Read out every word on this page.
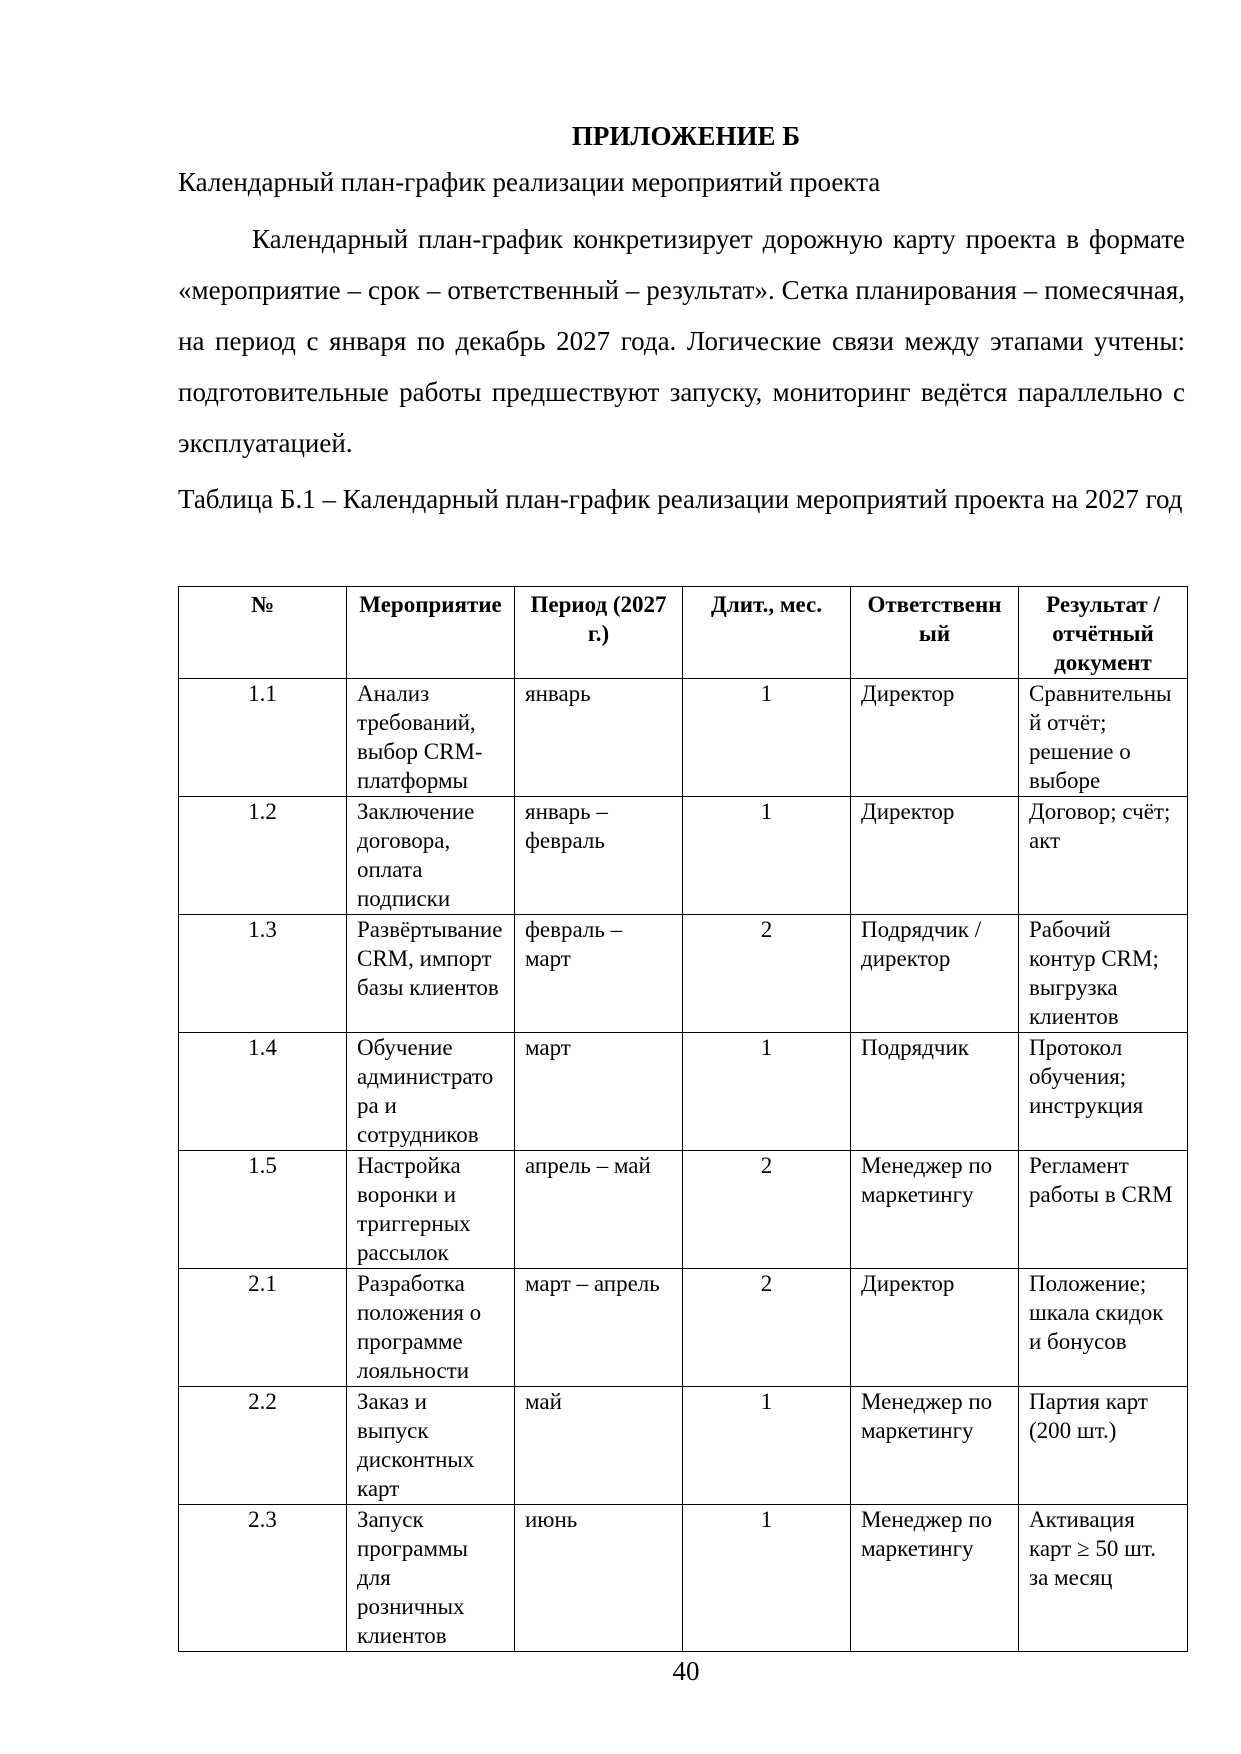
ПРИЛОЖЕНИЕ Б
Календарный план-график реализации мероприятий проекта
Календарный план-график конкретизирует дорожную карту проекта в формате «мероприятие – срок – ответственный – результат». Сетка планирования – помесячная, на период с января по декабрь 2027 года. Логические связи между этапами учтены: подготовительные работы предшествуют запуску, мониторинг ведётся параллельно с эксплуатацией.
Таблица Б.1 – Календарный план-график реализации мероприятий проекта на 2027 год
№	Мероприятие	Период (2027 г.)	Длит., мес.	Ответственный	Результат / отчётный документ
1.1	Анализ требований, выбор CRM-платформы	январь	1	Директор	Сравнительный отчёт; решение о выборе
1.2	Заключение договора, оплата подписки	январь – февраль	1	Директор	Договор; счёт; акт
1.3	Развёртывание CRM, импорт базы клиентов	февраль – март	2	Подрядчик / директор	Рабочий контур CRM; выгрузка клиентов
1.4	Обучение администратора и сотрудников	март	1	Подрядчик	Протокол обучения; инструкция
1.5	Настройка воронки и триггерных рассылок	апрель – май	2	Менеджер по маркетингу	Регламент работы в CRM
2.1	Разработка положения о программе лояльности	март – апрель	2	Директор	Положение; шкала скидок и бонусов
2.2	Заказ и выпуск дисконтных карт	май	1	Менеджер по маркетингу	Партия карт (200 шт.)
2.3	Запуск программы для розничных клиентов	июнь	1	Менеджер по маркетингу	Активация карт ≥ 50 шт. за месяц
40
